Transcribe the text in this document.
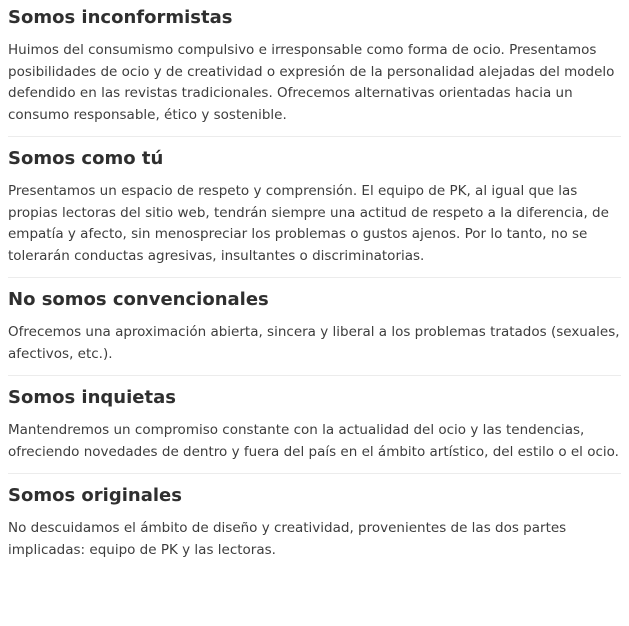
Somos inconformistas

Huimos del consumismo compulsivo e irresponsable como forma de ocio. Presentamos posibilidades de ocio y de creatividad o expresión de la personalidad alejadas del modelo defendido en las revistas tradicionales. Ofrecemos alternativas orientadas hacia un consumo responsable, ético y sostenible.

Somos como tú

Presentamos un espacio de respeto y comprensión. El equipo de PK, al igual que las propias lectoras del sitio web, tendrán siempre una actitud de respeto a la diferencia, de empatía y afecto, sin menospreciar los problemas o gustos ajenos. Por lo tanto, no se tolerarán conductas agresivas, insultantes o discriminatorias.

No somos convencionales

Ofrecemos una aproximación abierta, sincera y liberal a los problemas tratados (sexuales, afectivos, etc.).

Somos inquietas

Mantendremos un compromiso constante con la actualidad del ocio y las tendencias, ofreciendo novedades de dentro y fuera del país en el ámbito artístico, del estilo o el ocio.

Somos originales

No descuidamos el ámbito de diseño y creatividad, provenientes de las dos partes implicadas: equipo de PK y las lectoras.
